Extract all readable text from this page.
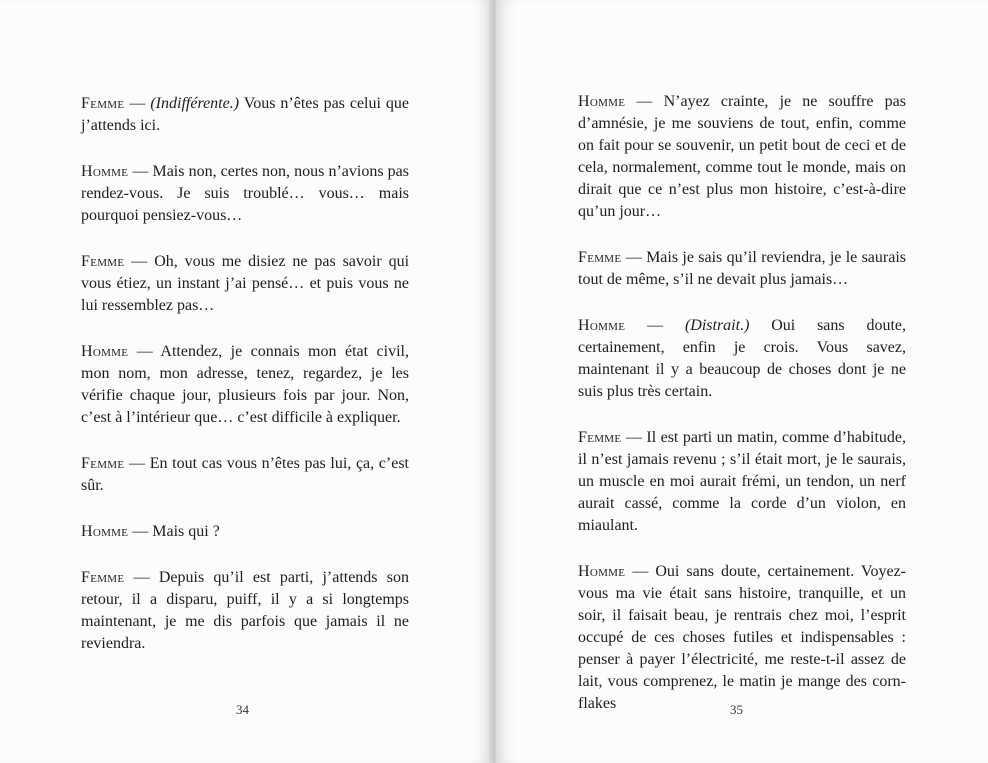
Femme — (Indifférente.) Vous n’êtes pas celui que j’attends ici.

Homme — Mais non, certes non, nous n’avions pas rendez-vous. Je suis troublé… vous… mais pourquoi pensiez-vous…

Femme — Oh, vous me disiez ne pas savoir qui vous étiez, un instant j’ai pensé… et puis vous ne lui ressemblez pas…

Homme — Attendez, je connais mon état civil, mon nom, mon adresse, tenez, regardez, je les vérifie chaque jour, plusieurs fois par jour. Non, c’est à l’intérieur que… c’est difficile à expliquer.

Femme — En tout cas vous n’êtes pas lui, ça, c’est sûr.

Homme — Mais qui ?

Femme — Depuis qu’il est parti, j’attends son retour, il a disparu, puiff, il y a si longtemps maintenant, je me dis parfois que jamais il ne reviendra.

34

Homme — N’ayez crainte, je ne souffre pas d’amnésie, je me souviens de tout, enfin, comme on fait pour se souvenir, un petit bout de ceci et de cela, normalement, comme tout le monde, mais on dirait que ce n’est plus mon histoire, c’est-à-dire qu’un jour…

Femme — Mais je sais qu’il reviendra, je le saurais tout de même, s’il ne devait plus jamais…

Homme — (Distrait.) Oui sans doute, certainement, enfin je crois. Vous savez, maintenant il y a beaucoup de choses dont je ne suis plus très certain.

Femme — Il est parti un matin, comme d’habitude, il n’est jamais revenu ; s’il était mort, je le saurais, un muscle en moi aurait frémi, un tendon, un nerf aurait cassé, comme la corde d’un violon, en miaulant.

Homme — Oui sans doute, certainement. Voyez-vous ma vie était sans histoire, tranquille, et un soir, il faisait beau, je rentrais chez moi, l’esprit occupé de ces choses futiles et indispensables : penser à payer l’électricité, me reste-t-il assez de lait, vous comprenez, le matin je mange des corn-flakes	35
